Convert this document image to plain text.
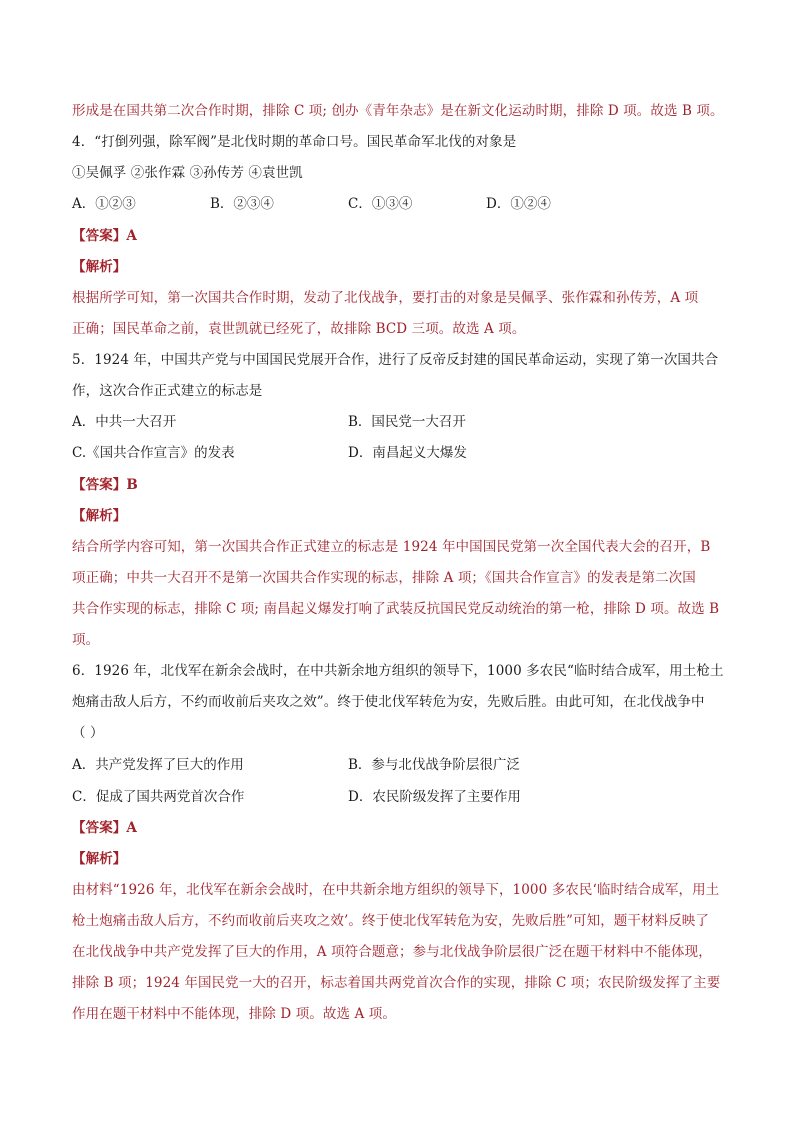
形成是在国共第二次合作时期，排除 C 项; 创办《青年杂志》是在新文化运动时期，排除 D 项。故选 B 项。
4．“打倒列强，除军阀”是北伐时期的革命口号。国民革命军北伐的对象是
①吴佩孚 ②张作霖 ③孙传芳 ④袁世凯
A．①②③	B．②③④	C．①③④	D．①②④
【答案】A
【解析】
根据所学可知，第一次国共合作时期，发动了北伐战争，要打击的对象是吴佩孚、张作霖和孙传芳，A 项
正确；国民革命之前，袁世凯就已经死了，故排除 BCD 三项。故选 A 项。
5．1924 年，中国共产党与中国国民党展开合作，进行了反帝反封建的国民革命运动，实现了第一次国共合
作，这次合作正式建立的标志是
A．中共一大召开	B．国民党一大召开
C.《国共合作宣言》的发表	D．南昌起义大爆发
【答案】B
【解析】
结合所学内容可知，第一次国共合作正式建立的标志是 1924 年中国国民党第一次全国代表大会的召开，B
项正确；中共一大召开不是第一次国共合作实现的标志，排除 A 项；《国共合作宣言》的发表是第二次国
共合作实现的标志，排除 C 项; 南昌起义爆发打响了武装反抗国民党反动统治的第一枪，排除 D 项。故选 B
项。
6．1926 年，北伐军在新余会战时，在中共新余地方组织的领导下，1000 多农民“临时结合成军，用土枪土
炮痛击敌人后方，不约而收前后夹攻之效”。终于使北伐军转危为安，先败后胜。由此可知，在北伐战争中
（ ）
A．共产党发挥了巨大的作用	B．参与北伐战争阶层很广泛
C．促成了国共两党首次合作	D．农民阶级发挥了主要作用
【答案】A
【解析】
由材料“1926 年，北伐军在新余会战时，在中共新余地方组织的领导下，1000 多农民‘临时结合成军，用土
枪土炮痛击敌人后方，不约而收前后夹攻之效’。终于使北伐军转危为安，先败后胜”可知，题干材料反映了
在北伐战争中共产党发挥了巨大的作用，A 项符合题意；参与北伐战争阶层很广泛在题干材料中不能体现，
排除 B 项；1924 年国民党一大的召开，标志着国共两党首次合作的实现，排除 C 项；农民阶级发挥了主要
作用在题干材料中不能体现，排除 D 项。故选 A 项。
